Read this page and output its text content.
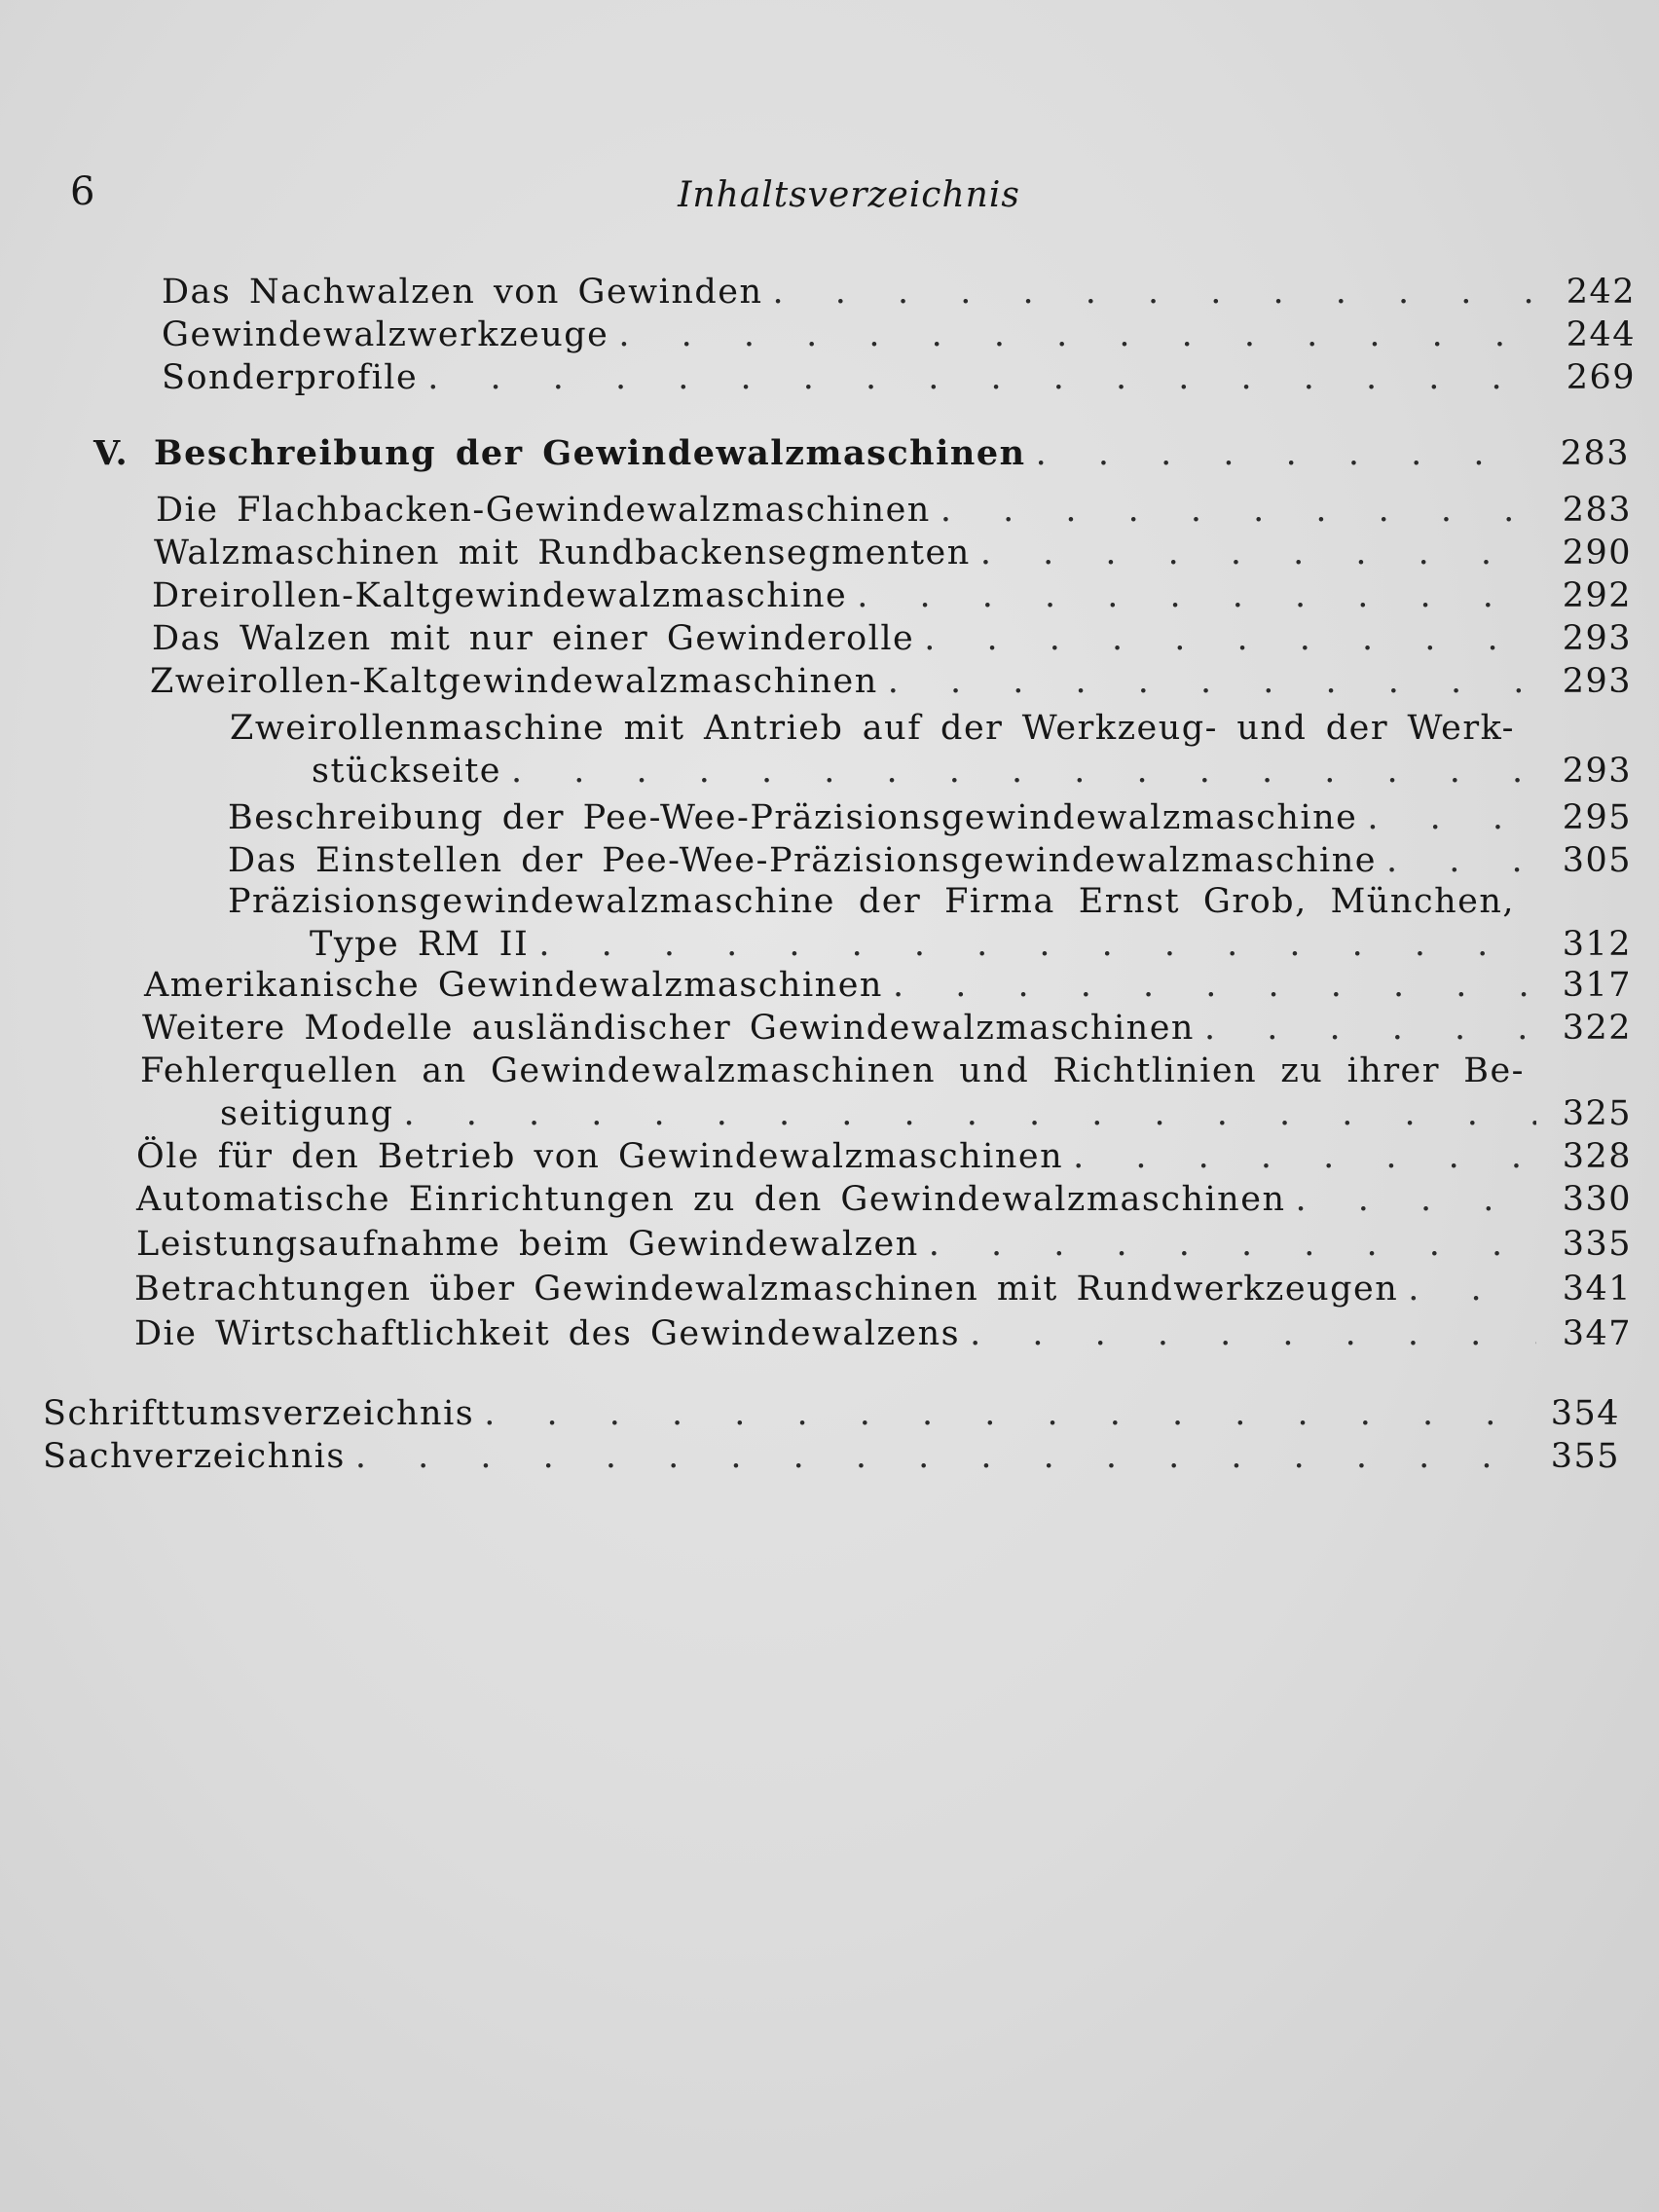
6	Inhaltsverzeichnis
Das Nachwalzen von Gewinden . . .	242
Gewindewalzwerkzeuge . . .	244
Sonderprofile . . .	269
V. Beschreibung der Gewindewalzmaschinen . . .	283
Die Flachbacken-Gewindewalzmaschinen . . .	283
Walzmaschinen mit Rundbackensegmenten . . .	290
Dreirollen-Kaltgewindewalzmaschine . . .	292
Das Walzen mit nur einer Gewinderolle . . .	293
Zweirollen-Kaltgewindewalzmaschinen . . .	293
Zweirollenmaschine mit Antrieb auf der Werkzeug- und der Werk-
stückseite . . .	293
Beschreibung der Pee-Wee-Präzisionsgewindewalzmaschine . . .	295
Das Einstellen der Pee-Wee-Präzisionsgewindewalzmaschine . . .	305
Präzisionsgewindewalzmaschine der Firma Ernst Grob, München,
Type RM II . . .	312
Amerikanische Gewindewalzmaschinen . . .	317
Weitere Modelle ausländischer Gewindewalzmaschinen . . .	322
Fehlerquellen an Gewindewalzmaschinen und Richtlinien zu ihrer Be-
seitigung . . .	325
Öle für den Betrieb von Gewindewalzmaschinen . . .	328
Automatische Einrichtungen zu den Gewindewalzmaschinen . . .	330
Leistungsaufnahme beim Gewindewalzen . . .	335
Betrachtungen über Gewindewalzmaschinen mit Rundwerkzeugen . . .	341
Die Wirtschaftlichkeit des Gewindewalzens . . .	347
Schrifttumsverzeichnis . . .	354
Sachverzeichnis . . .	355
